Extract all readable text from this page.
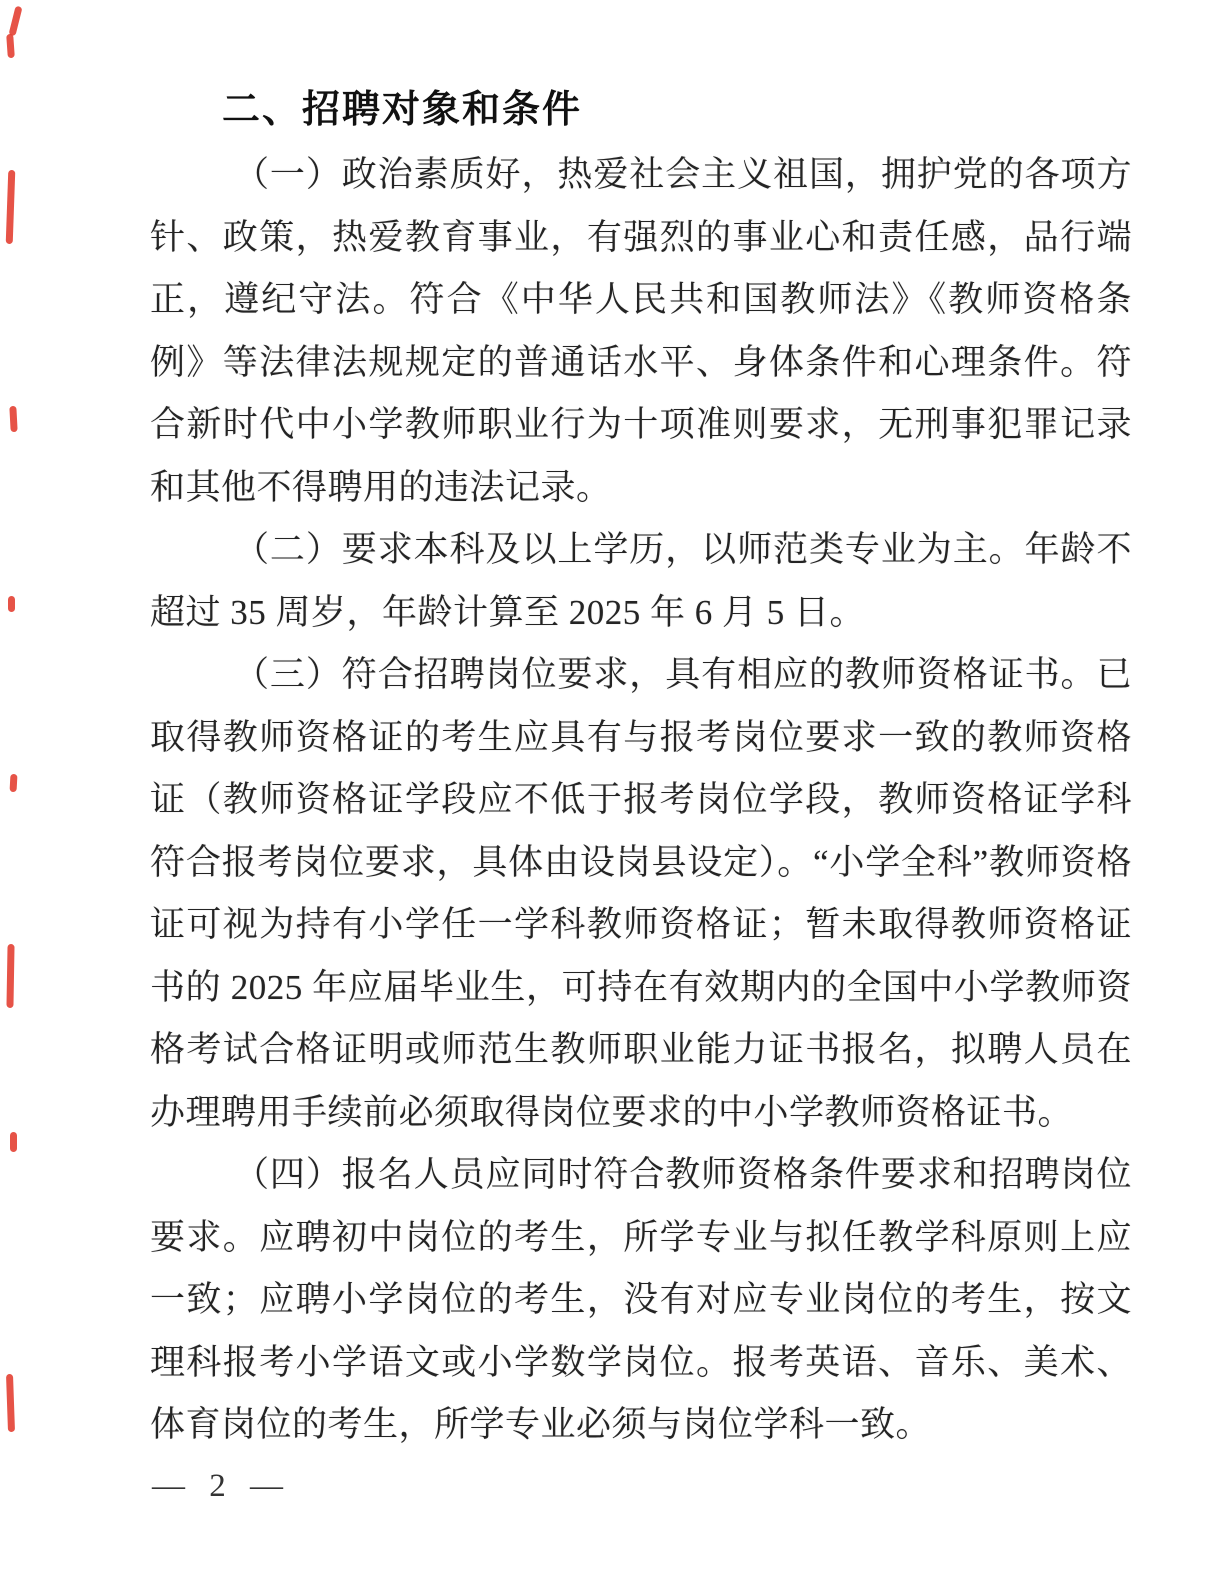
二、招聘对象和条件

（一）政治素质好，热爱社会主义祖国，拥护党的各项方针、政策，热爱教育事业，有强烈的事业心和责任感，品行端正，遵纪守法。符合《中华人民共和国教师法》《教师资格条例》等法律法规规定的普通话水平、身体条件和心理条件。符合新时代中小学教师职业行为十项准则要求，无刑事犯罪记录和其他不得聘用的违法记录。

（二）要求本科及以上学历，以师范类专业为主。年龄不超过 35 周岁，年龄计算至 2025 年 6 月 5 日。

（三）符合招聘岗位要求，具有相应的教师资格证书。已取得教师资格证的考生应具有与报考岗位要求一致的教师资格证（教师资格证学段应不低于报考岗位学段，教师资格证学科符合报考岗位要求，具体由设岗县设定）。“小学全科”教师资格证可视为持有小学任一学科教师资格证；暂未取得教师资格证书的 2025 年应届毕业生，可持在有效期内的全国中小学教师资格考试合格证明或师范生教师职业能力证书报名，拟聘人员在办理聘用手续前必须取得岗位要求的中小学教师资格证书。

（四）报名人员应同时符合教师资格条件要求和招聘岗位要求。应聘初中岗位的考生，所学专业与拟任教学科原则上应一致；应聘小学岗位的考生，没有对应专业岗位的考生，按文理科报考小学语文或小学数学岗位。报考英语、音乐、美术、体育岗位的考生，所学专业必须与岗位学科一致。

— 2 —
